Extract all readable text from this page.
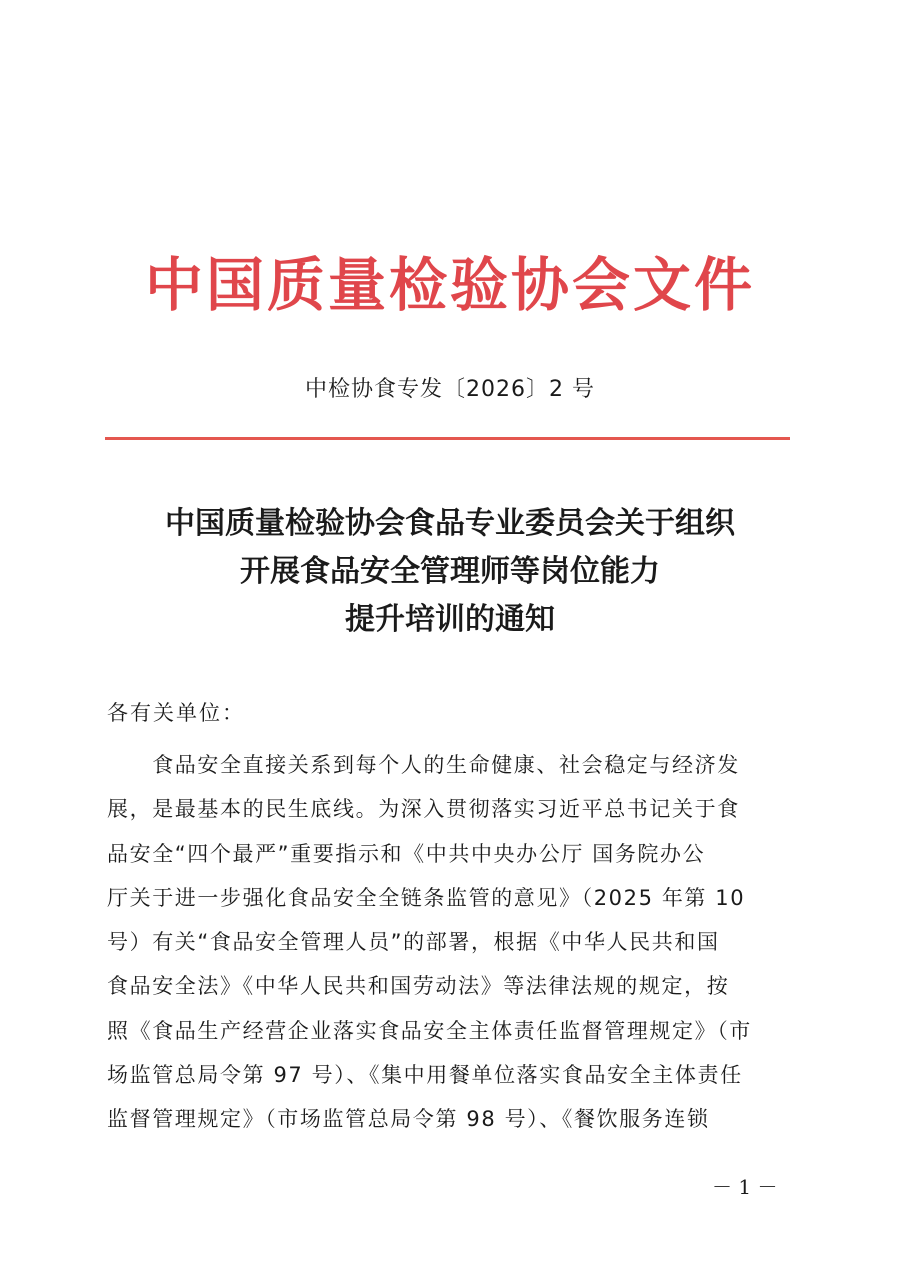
中国质量检验协会文件
中检协食专发〔2026〕2 号
中国质量检验协会食品专业委员会关于组织
开展食品安全管理师等岗位能力
提升培训的通知
各有关单位：
　　食品安全直接关系到每个人的生命健康、社会稳定与经济发
展，是最基本的民生底线。为深入贯彻落实习近平总书记关于食
品安全“四个最严”重要指示和《中共中央办公厅 国务院办公
厅关于进一步强化食品安全全链条监管的意见》（2025 年第 10
号）有关“食品安全管理人员”的部署，根据《中华人民共和国
食品安全法》《中华人民共和国劳动法》等法律法规的规定，按
照《食品生产经营企业落实食品安全主体责任监督管理规定》（市
场监管总局令第 97 号）、《集中用餐单位落实食品安全主体责任
监督管理规定》（市场监管总局令第 98 号）、《餐饮服务连锁
－ 1 －
